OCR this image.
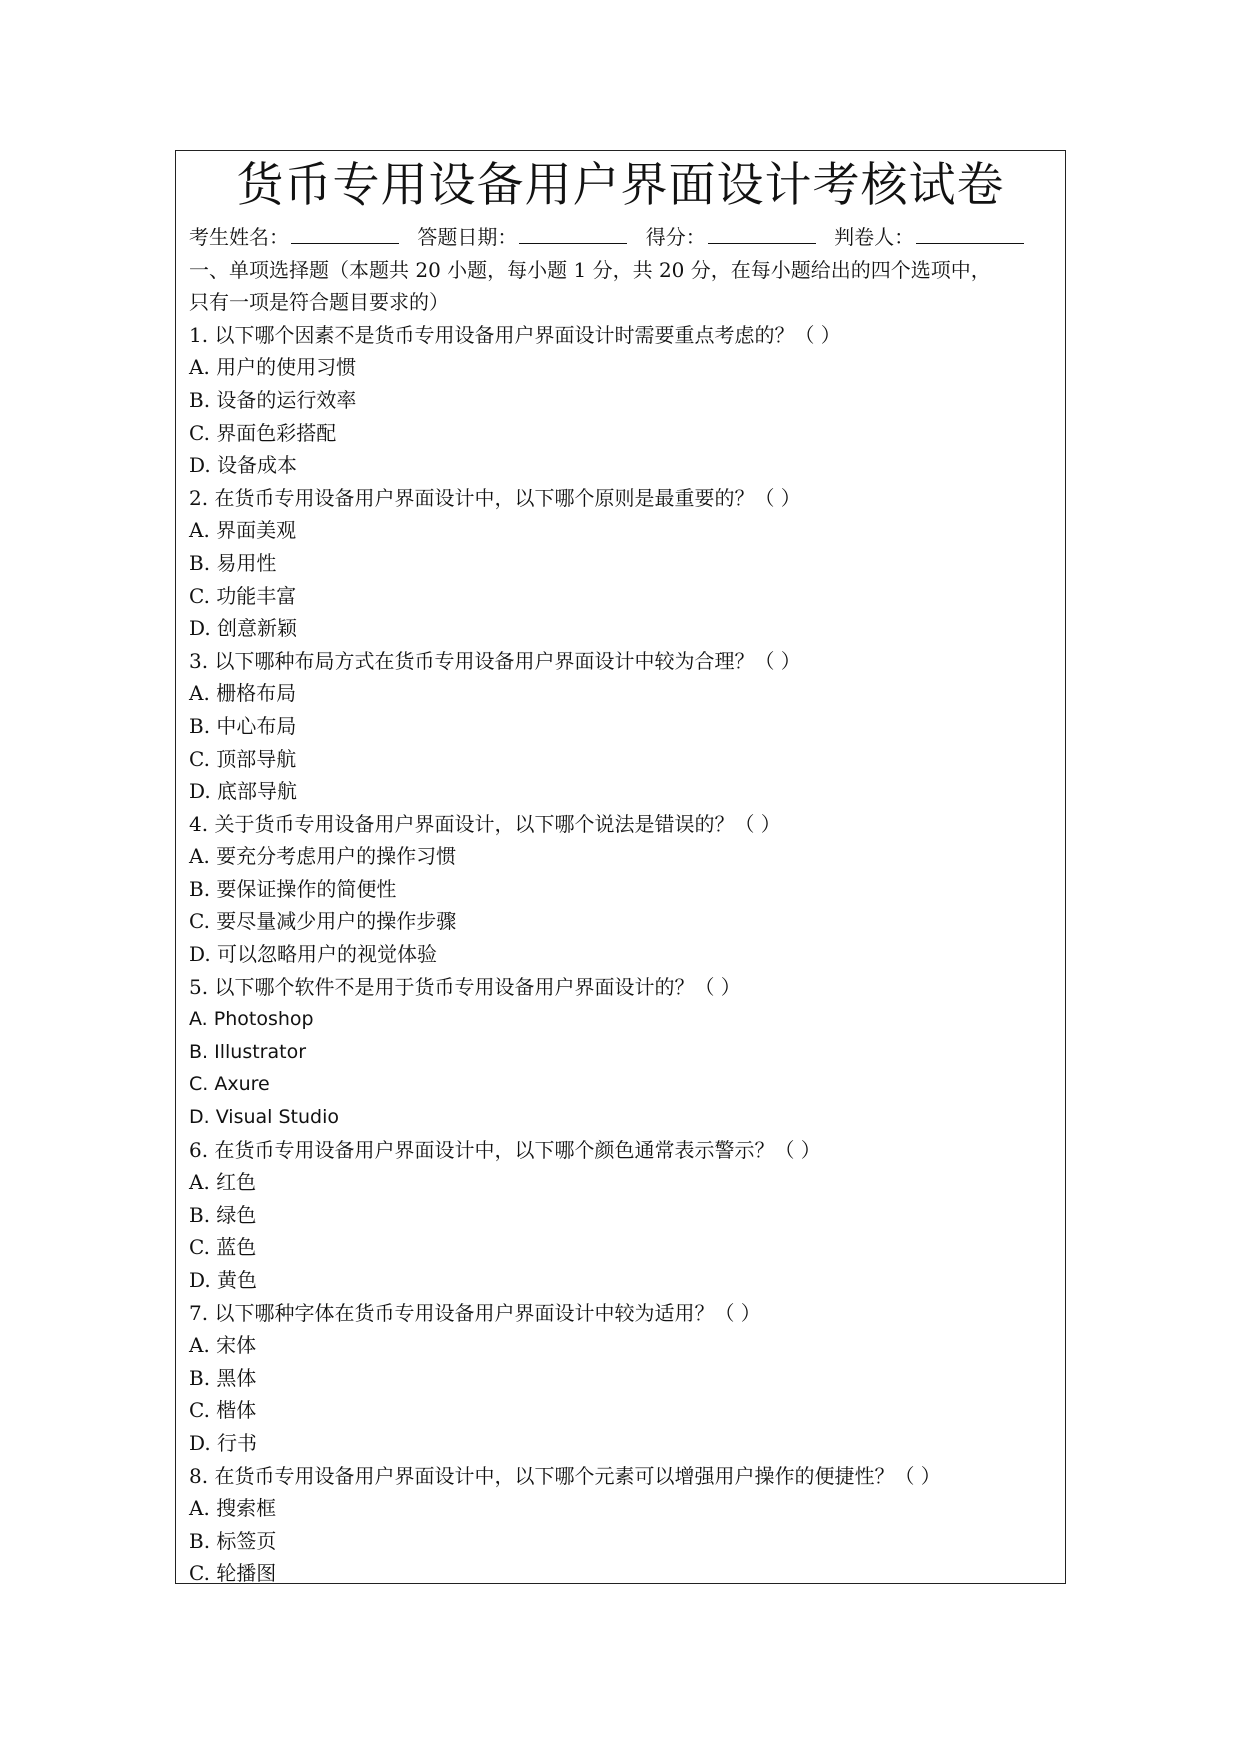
货币专用设备用户界面设计考核试卷
考生姓名：	答题日期：	得分：	判卷人：
一、单项选择题（本题共 20 小题，每小题 1 分，共 20 分，在每小题给出的四个选项中，
只有一项是符合题目要求的）
1. 以下哪个因素不是货币专用设备用户界面设计时需要重点考虑的？（ ）
A. 用户的使用习惯
B. 设备的运行效率
C. 界面色彩搭配
D. 设备成本
2. 在货币专用设备用户界面设计中，以下哪个原则是最重要的？（ ）
A. 界面美观
B. 易用性
C. 功能丰富
D. 创意新颖
3. 以下哪种布局方式在货币专用设备用户界面设计中较为合理？（ ）
A. 栅格布局
B. 中心布局
C. 顶部导航
D. 底部导航
4. 关于货币专用设备用户界面设计，以下哪个说法是错误的？（ ）
A. 要充分考虑用户的操作习惯
B. 要保证操作的简便性
C. 要尽量减少用户的操作步骤
D. 可以忽略用户的视觉体验
5. 以下哪个软件不是用于货币专用设备用户界面设计的？（ ）
A. Photoshop
B. Illustrator
C. Axure
D. Visual Studio
6. 在货币专用设备用户界面设计中，以下哪个颜色通常表示警示？（ ）
A. 红色
B. 绿色
C. 蓝色
D. 黄色
7. 以下哪种字体在货币专用设备用户界面设计中较为适用？（ ）
A. 宋体
B. 黑体
C. 楷体
D. 行书
8. 在货币专用设备用户界面设计中，以下哪个元素可以增强用户操作的便捷性？（ ）
A. 搜索框
B. 标签页
C. 轮播图
